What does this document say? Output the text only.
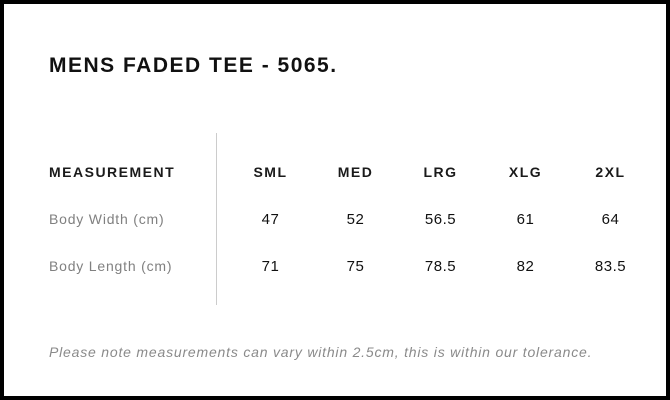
MENS FADED TEE - 5065.
MEASUREMENT	SML	MED	LRG	XLG	2XL
Body Width (cm)	47	52	56.5	61	64
Body Length (cm)	71	75	78.5	82	83.5

Please note measurements can vary within 2.5cm, this is within our tolerance.
